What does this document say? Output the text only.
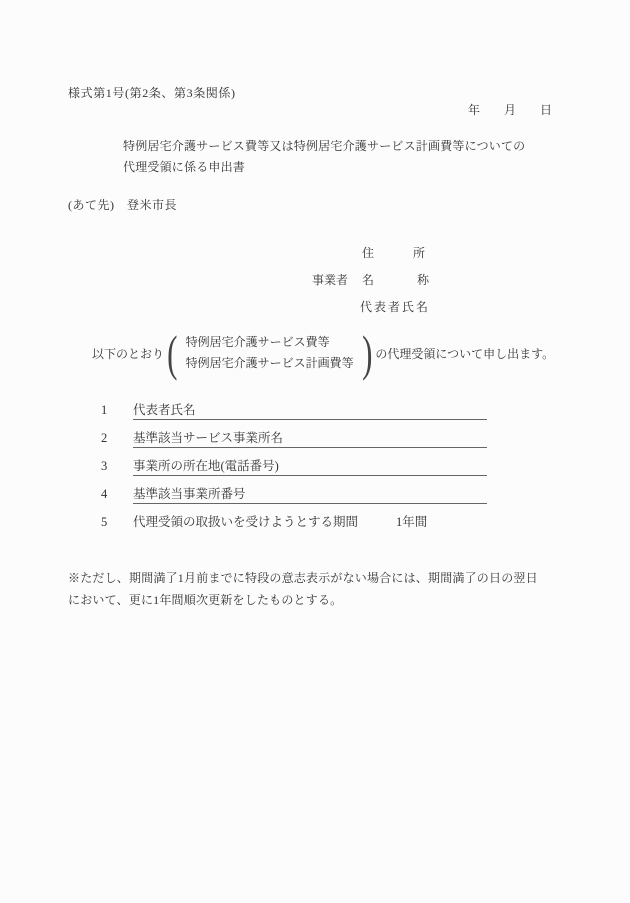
様式第1号(第2条、第3条関係)
年 月 日
特例居宅介護サービス費等又は特例居宅介護サービス計画費等についての
代理受領に係る申出書
(あて先)　登米市長
住	所
事業者 名	称
代表者氏名
以下のとおり ( 特例居宅介護サービス費等
特例居宅介護サービス計画費等 ) の代理受領について申し出ます。
1	代表者氏名
2	基準該当サービス事業所名
3	事業所の所在地(電話番号)
4	基準該当事業所番号
5	代理受領の取扱いを受けようとする期間	1年間
※ただし、期間満了1月前までに特段の意志表示がない場合には、期間満了の日の翌日
において、更に1年間順次更新をしたものとする。
